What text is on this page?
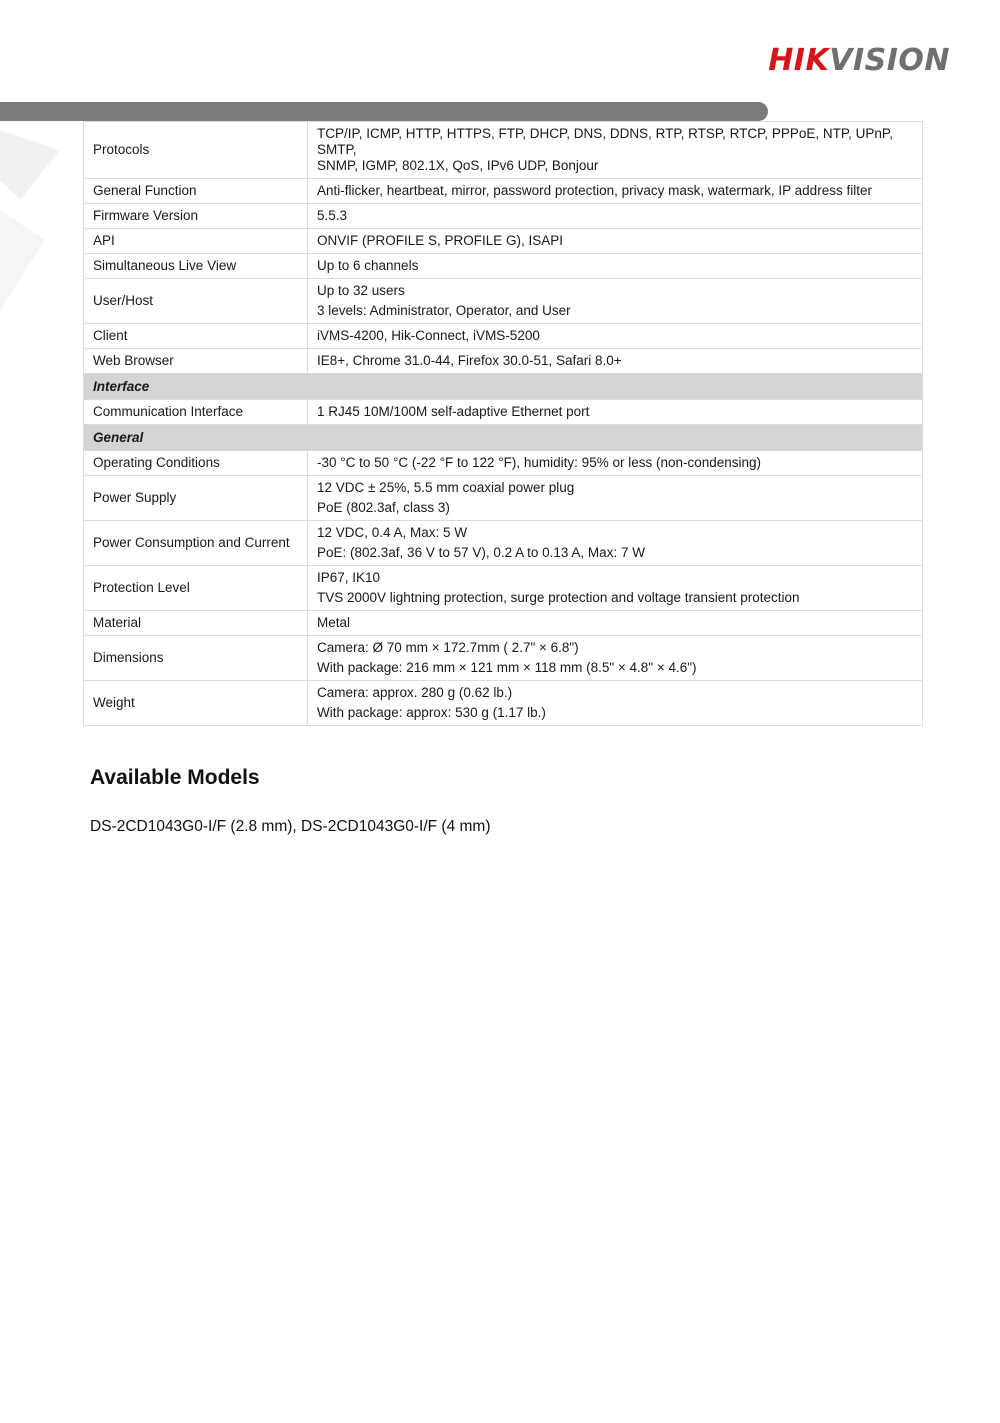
HIKVISION
Protocols	TCP/IP, ICMP, HTTP, HTTPS, FTP, DHCP, DNS, DDNS, RTP, RTSP, RTCP, PPPoE, NTP, UPnP, SMTP,
SNMP, IGMP, 802.1X, QoS, IPv6 UDP, Bonjour

General Function	Anti-flicker, heartbeat, mirror, password protection, privacy mask, watermark, IP address filter
Firmware Version	5.5.3
API	ONVIF (PROFILE S, PROFILE G), ISAPI
Simultaneous Live View	Up to 6 channels
User/Host	Up to 32 users
3 levels: Administrator, Operator, and User

Client	iVMS-4200, Hik-Connect, iVMS-5200
Web Browser	IE8+, Chrome 31.0-44, Firefox 30.0-51, Safari 8.0+
Interface	
Communication Interface	1 RJ45 10M/100M self-adaptive Ethernet port
General	
Operating Conditions	-30 °C to 50 °C (-22 °F to 122 °F), humidity: 95% or less (non-condensing)
Power Supply	12 VDC ± 25%, 5.5 mm coaxial power plug
PoE (802.3af, class 3)

Power Consumption and Current	12 VDC, 0.4 A, Max: 5 W
PoE: (802.3af, 36 V to 57 V), 0.2 A to 0.13 A, Max: 7 W

Protection Level	IP67, IK10
TVS 2000V lightning protection, surge protection and voltage transient protection

Material	Metal
Dimensions	Camera: Ø 70 mm × 172.7mm ( 2.7" × 6.8")
With package: 216 mm × 121 mm × 118 mm (8.5" × 4.8" × 4.6")

Weight	Camera: approx. 280 g (0.62 lb.)
With package: approx: 530 g (1.17 lb.)
Available Models

DS-2CD1043G0-I/F (2.8 mm), DS-2CD1043G0-I/F (4 mm)
